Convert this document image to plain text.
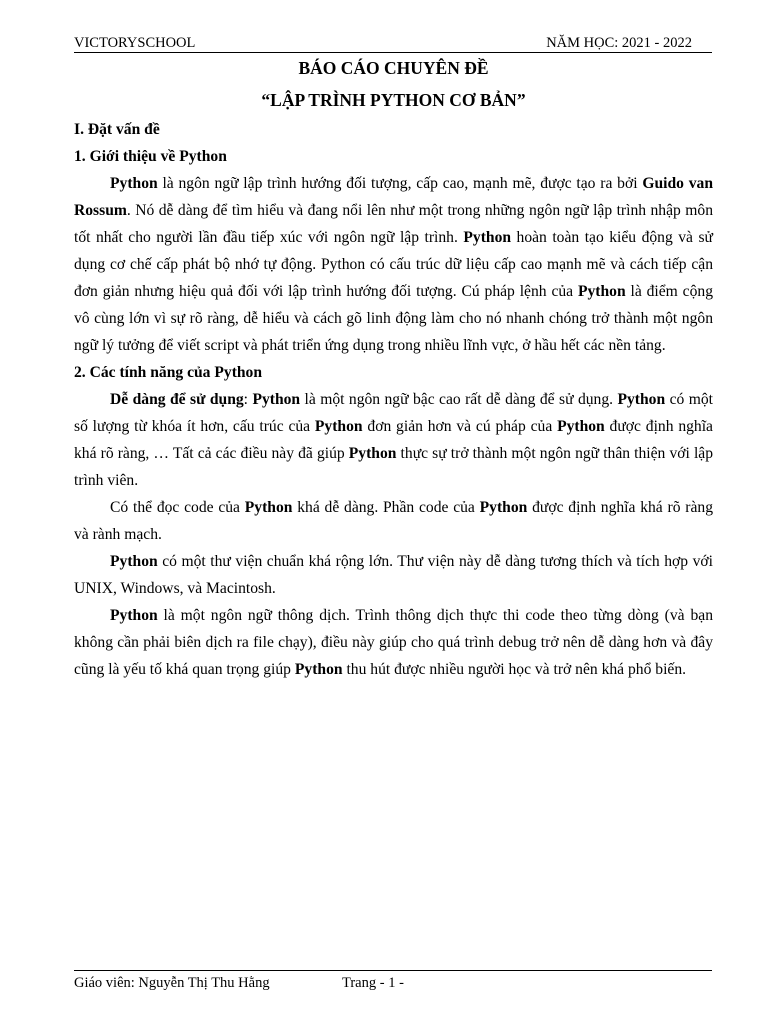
VICTORYSCHOOL	NĂM HỌC: 2021 - 2022

BÁO CÁO CHUYÊN ĐỀ

“LẬP TRÌNH PYTHON CƠ BẢN”

I. Đặt vấn đề

1. Giới thiệu về Python

Python là ngôn ngữ lập trình hướng đối tượng, cấp cao, mạnh mẽ, được tạo ra bởi Guido van Rossum. Nó dễ dàng để tìm hiểu và đang nổi lên như một trong những ngôn ngữ lập trình nhập môn tốt nhất cho người lần đầu tiếp xúc với ngôn ngữ lập trình. Python hoàn toàn tạo kiểu động và sử dụng cơ chế cấp phát bộ nhớ tự động. Python có cấu trúc dữ liệu cấp cao mạnh mẽ và cách tiếp cận đơn giản nhưng hiệu quả đối với lập trình hướng đối tượng. Cú pháp lệnh của Python là điểm cộng vô cùng lớn vì sự rõ ràng, dễ hiểu và cách gõ linh động làm cho nó nhanh chóng trở thành một ngôn ngữ lý tưởng để viết script và phát triển ứng dụng trong nhiều lĩnh vực, ở hầu hết các nền tảng.

2. Các tính năng của Python

Dễ dàng để sử dụng: Python là một ngôn ngữ bậc cao rất dễ dàng để sử dụng. Python có một số lượng từ khóa ít hơn, cấu trúc của Python đơn giản hơn và cú pháp của Python được định nghĩa khá rõ ràng, … Tất cả các điều này đã giúp Python thực sự trở thành một ngôn ngữ thân thiện với lập trình viên.

Có thể đọc code của Python khá dễ dàng. Phần code của Python được định nghĩa khá rõ ràng và rành mạch.

Python có một thư viện chuẩn khá rộng lớn. Thư viện này dễ dàng tương thích và tích hợp với UNIX, Windows, và Macintosh.

Python là một ngôn ngữ thông dịch. Trình thông dịch thực thi code theo từng dòng (và bạn không cần phải biên dịch ra file chạy), điều này giúp cho quá trình debug trở nên dễ dàng hơn và đây cũng là yếu tố khá quan trọng giúp Python thu hút được nhiều người học và trở nên khá phổ biến.

Giáo viên: Nguyễn Thị Thu Hằng	Trang - 1 -
